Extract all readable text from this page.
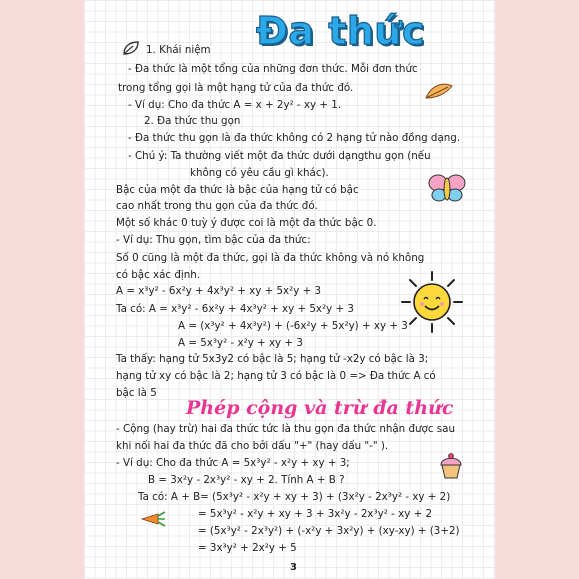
Đa thức
1. Khái niệm
- Đa thức là một tổng của những đơn thức. Mỗi đơn thức
trong tổng gọi là một hạng tử của đa thức đó.
- Ví dụ: Cho đa thức A = x + 2y² - xy + 1.
2. Đa thức thu gọn
- Đa thức thu gọn là đa thức không có 2 hạng tử nào đồng dạng.
- Chú ý: Ta thường viết một đa thức dưới dạngthu gọn (nếu
không có yêu cầu gì khác).
Bậc của một đa thức là bậc của hạng tử có bậc
cao nhất trong thu gọn của đa thức đó.
Một số khác 0 tuỳ ý được coi là một đa thức bậc 0.
- Ví dụ: Thu gọn, tìm bậc của đa thức:
Số 0 cũng là một đa thức, gọi là đa thức không và nó không
có bậc xác định.
A = x³y² - 6x²y + 4x³y² + xy + 5x²y + 3
Ta có: A = x³y² - 6x²y + 4x³y² + xy + 5x²y + 3
A = (x³y² + 4x³y²) + (-6x²y + 5x²y) + xy + 3
A = 5x³y² - x²y + xy + 3
Ta thấy: hạng tử 5x3y2 có bậc là 5; hạng tử -x2y có bậc là 3;
hạng tử xy có bậc là 2; hạng tử 3 có bậc là 0 => Đa thức A có
bậc là 5
Phép cộng và trừ đa thức
- Cộng (hay trừ) hai đa thức tức là thu gọn đa thức nhận được sau
khi nối hai đa thức đã cho bởi dấu "+" (hay dấu "-" ).
- Ví dụ: Cho đa thức A = 5x³y² - x²y + xy + 3;
B = 3x²y - 2x³y² - xy + 2. Tính A + B ?
Ta có: A + B= (5x³y² - x²y + xy + 3) + (3x²y - 2x³y² - xy + 2)
= 5x³y² - x²y + xy + 3 + 3x²y - 2x³y² - xy + 2
= (5x³y² - 2x³y²) + (-x²y + 3x²y) + (xy-xy) + (3+2)
= 3x³y² + 2x²y + 5
3
